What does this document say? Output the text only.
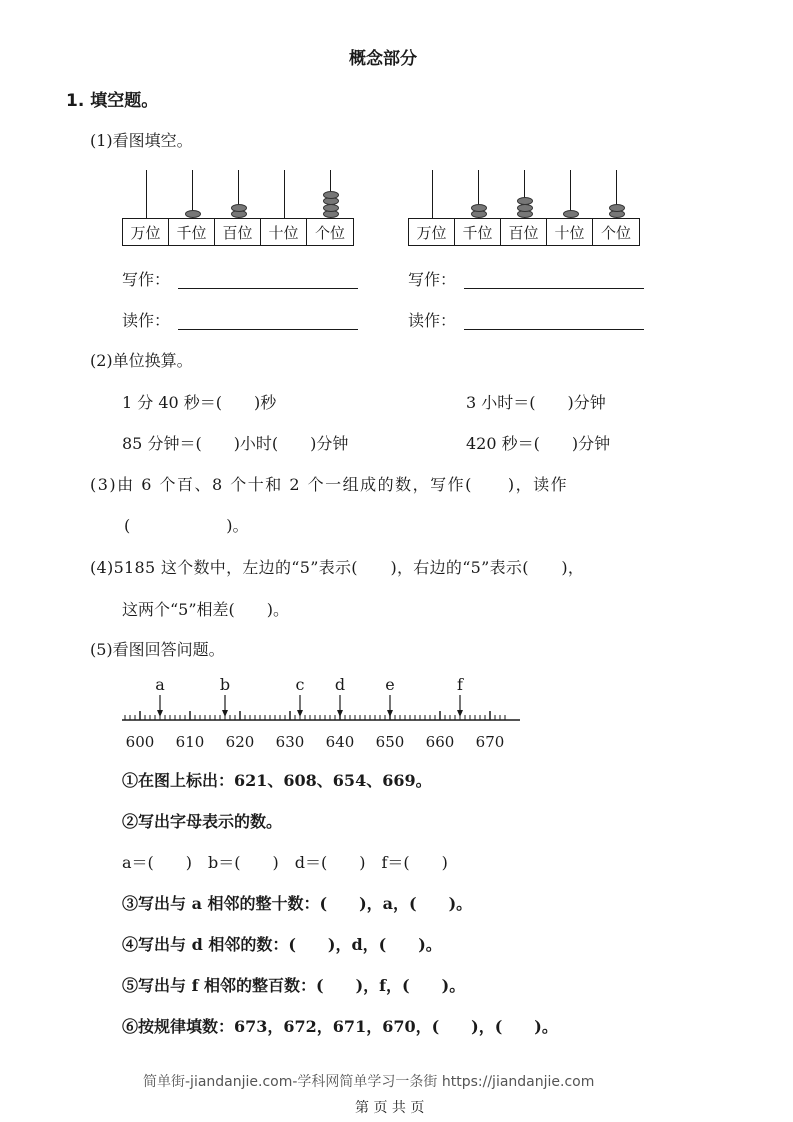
概念部分
1. 填空题。
(1)看图填空。
万位	千位	百位	十位	个位	万位	千位	百位	十位	个位
写作：
读作：
写作：
读作：
(2)单位换算。
1 分 40 秒＝(　　)秒	3 小时＝(　　)分钟
85 分钟＝(　　)小时(　　)分钟	420 秒＝(　　)分钟
(3)由 6 个百、8 个十和 2 个一组成的数，写作(　　)，读作
(　　　　　　)。
(4)5185 这个数中，左边的“5”表示(　　)，右边的“5”表示(　　)，
这两个“5”相差(　　)。
(5)看图回答问题。
600 610 620 630 640 650 660 670
a	b	c d	e	f
①在图上标出：621、608、654、669。
②写出字母表示的数。
a＝(　　)　b＝(　　)　d＝(　　)　f＝(　　)
③写出与 a 相邻的整十数：(　　)，a，(　　)。
④写出与 d 相邻的数：(　　)，d，(　　)。
⑤写出与 f 相邻的整百数：(　　)，f，(　　)。
⑥按规律填数：673，672，671，670，(　　)，(　　)。
简单街-jiandanjie.com-学科网简单学习一条街 https://jiandanjie.com
第 页 共 页
